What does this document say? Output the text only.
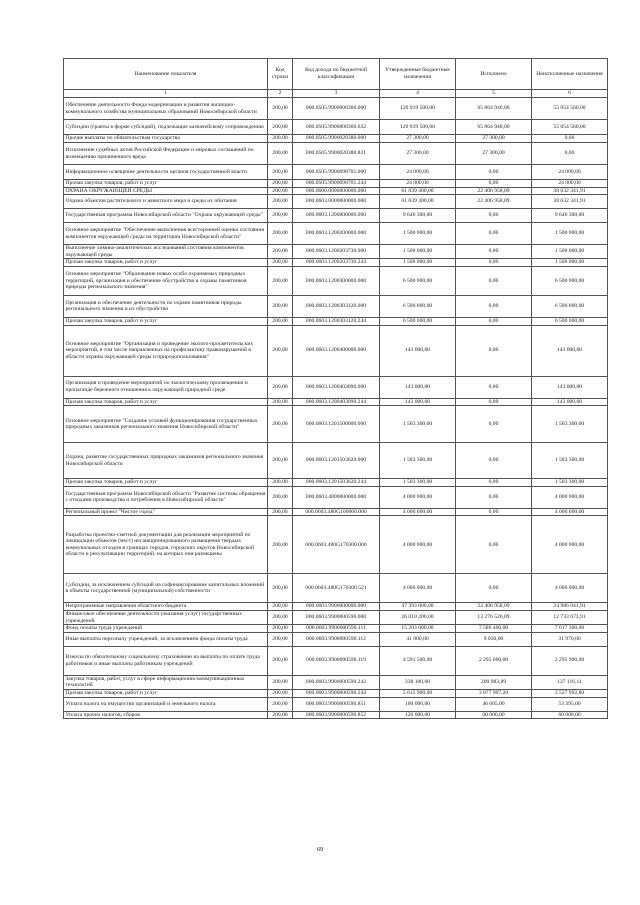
Наименование показателя	Код строки	Код дохода по бюджетной классификации	Утвержденные бюджетные назначения	Исполнено	Неисполненные назначения
1	2	3	4	5	6
Обеспечение деятельности Фонда модернизации и развития жилищно-коммунального хозяйства муниципальных образований Новосибирской области	200,00	000.0505.9900008360.000	120 919 500,00	65 864 940,00	55 054 560,00
Субсидии (гранты в форме субсидий), подлежащие казначейскому сопровождению	200,00	000.0505.9900008360.632	120 919 500,00	65 864 940,00	55 054 560,00
Прочие выплаты по обязательствам государства	200,00	000.0505.9900020380.000	27 300,00	27 300,00	0,00
Исполнение судебных актов Российской Федерации и мировых соглашений по возмещению причиненного вреда	200,00	000.0505.9900020380.831	27 300,00	27 300,00	0,00
Информационное освещение деятельности органов государственной власти	200,00	000.0505.9900098701.000	24 000,00	0,00	24 000,00
Прочая закупка товаров, работ и услуг	200,00	000.0505.9900098701.244	24 000,00	0,00	24 000,00
ОХРАНА ОКРУЖАЮЩЕЙ СРЕДЫ	200,00	000.0600.0000000000.000	61 039 300,00	22 406 958,09	38 632 341,91
Охрана объектов растительного и животного мира и среды их обитания	200,00	000.0603.0000000000.000	61 039 300,00	22 406 958,09	38 632 341,91
Государственная программа Новосибирской области "Охрана окружающей среды"	200,00	000.0603.1200000000.000	9 646 300,00	0,00	9 646 300,00
Основное мероприятие "Обеспечение выполнения всесторонней оценки состояния компонентов окружающей среды на территории Новосибирской области"	200,00	000.0603.1200200000.000	1 500 000,00	0,00	1 500 000,00
Выполнение химико-аналитических исследований состояния компонентов окружающей среды	200,00	000.0603.1200203730.000	1 500 000,00	0,00	1 500 000,00
Прочая закупка товаров, работ и услуг	200,00	000.0603.1200203730.244	1 500 000,00	0,00	1 500 000,00
Основное мероприятие "Образование новых особо охраняемых природных территорий, организация и обеспечение обустройства и охраны памятников природы регионального значения"	200,00	000.0603.1200300000.000	6 500 000,00	0,00	6 500 000,00
Организация и обеспечение деятельности по охране памятников природы регионального значения и их обустройство	200,00	000.0603.1200303120.000	6 500 000,00	0,00	6 500 000,00
Прочая закупка товаров, работ и услуг	200,00	000.0603.1200303120.244	6 500 000,00	0,00	6 500 000,00
Основное мероприятие "Организация и проведение эколого-просветительских мероприятий, в том числе направленных на профилактику правонарушений в области охраны окружающей среды и природопользования"	200,00	000.0603.1200400000.000	143 000,00	0,00	143 000,00
Организация и проведение мероприятий по экологическому просвещению и пропаганде бережного отношения к окружающей природной среде	200,00	000.0603.1200403090.000	143 000,00	0,00	143 000,00
Прочая закупка товаров, работ и услуг	200,00	000.0603.1200403090.244	143 000,00	0,00	143 000,00
Основное мероприятие "Создание условий функционирования государственных природных заказников регионального значения Новосибирской области"	200,00	000.0603.1201500000.000	1 503 300,00	0,00	1 503 300,00
Охрана, развитие государственных природных заказников регионального значения Новосибирской области	200,00	000.0603.1201503620.000	1 503 300,00	0,00	1 503 300,00
Прочая закупка товаров, работ и услуг	200,00	000.0603.1201503620.244	1 503 300,00	0,00	1 503 300,00
Государственная программа Новосибирской области "Развитие системы обращения с отходами производства и потребления в Новосибирской области"	200,00	000.0603.4800000000.000	4 000 000,00	0,00	4 000 000,00
Региональный проект "Чистое город"	200,00	000.0603.480G100000.000	4 000 000,00	0,00	4 000 000,00
Разработка проектно-сметной документации для реализации мероприятий по ликвидации объектов (мест) несанкционированного размещения твердых коммунальных отходов в границах городов, городских округов Новосибирской области и рекультивации территорий, на которых они размещены	200,00	000.0603.480G170300.000	4 000 000,00	0,00	4 000 000,00
Субсидии, за исключением субсидий на софинансирование капитальных вложений в объекты государственной (муниципальной) собственности	200,00	000.0603.480G170300.521	4 000 000,00	0,00	4 000 000,00
Непрограммные направления областного бюджета	200,00	000.0603.9900000000.000	47 393 000,00	22 406 958,09	24 986 041,91
Финансовое обеспечение деятельности (оказания услуг) государственных учреждений	200,00	000.0603.9900000590.000	26 010 200,00	13 276 526,09	12 733 673,91
Фонд оплаты труда учреждений	200,00	000.0603.9900000590.111	15 203 000,00	7 586 400,00	7 617 300,00
Иные выплаты персоналу учреждений, за исключением фонда оплаты труда	200,00	000.0603.9900000590.112	41 000,00	9 030,00	31 970,00
Взносы по обязательному социальному страхованию на выплаты по оплате труда работников и иные выплаты работникам учреждений	200,00	000.0603.9900000590.119	4 591 500,00	2 295 600,00	2 295 900,00
Закупка товаров, работ, услуг в сфере информационно-коммуникационных технологий	200,00	000.0603.9900000590.242	338 100,00	200 983,89	137 116,11
Прочая закупка товаров, работ и услуг	200,00	000.0603.9900000590.244	5 615 900,00	3 077 907,20	2 537 992,80
Уплата налога на имущество организаций и земельного налога	200,00	000.0603.9900000590.851	100 000,00	46 605,00	53 395,00
Уплата прочих налогов, сборов	200,00	000.0603.9900000590.852	120 000,00	60 000,00	60 000,00
69
